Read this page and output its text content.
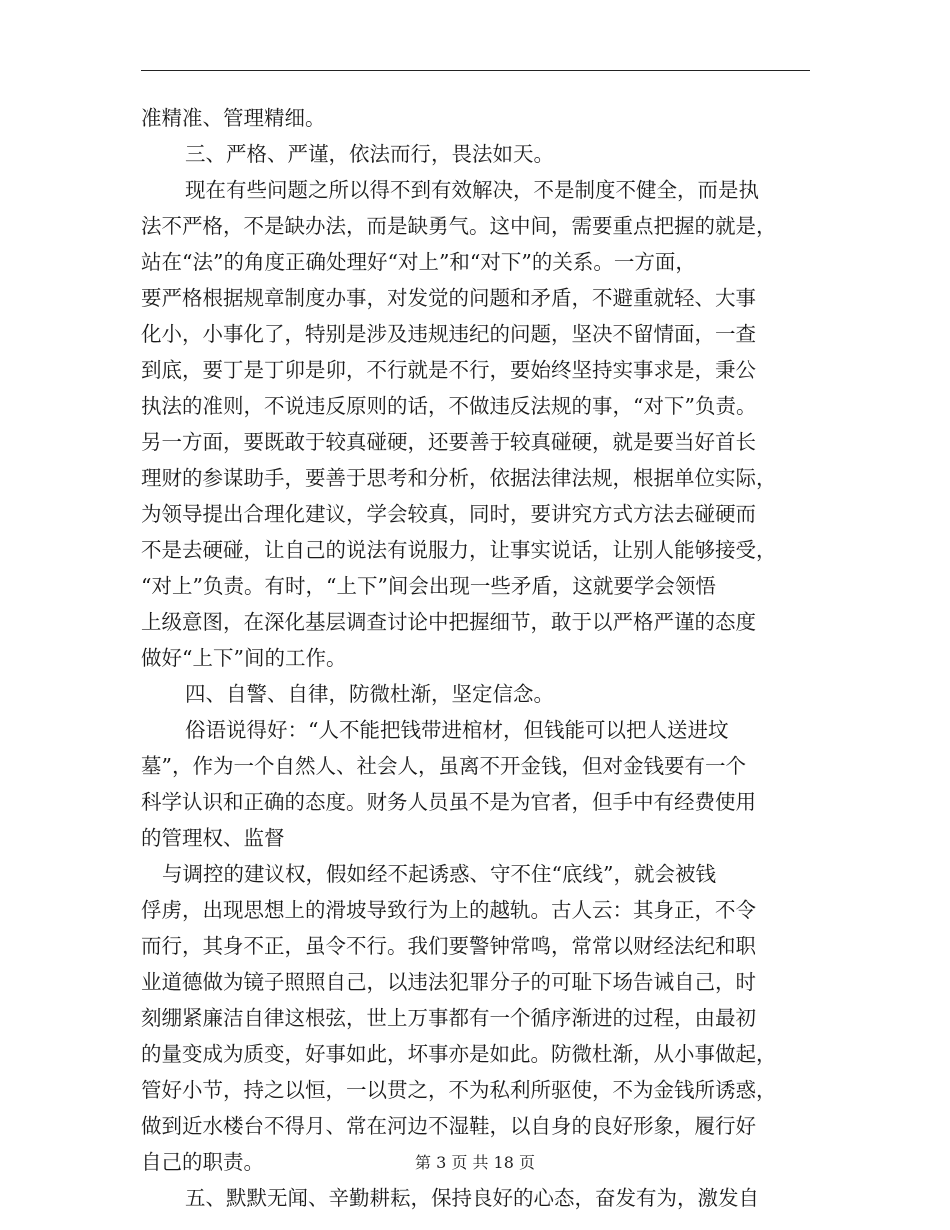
准精准、管理精细。
三、严格、严谨，依法而行，畏法如天。
现在有些问题之所以得不到有效解决，不是制度不健全，而是执
法不严格，不是缺办法，而是缺勇气。这中间，需要重点把握的就是，
站在“法”的角度正确处理好“对上”和“对下”的关系。一方面，
要严格根据规章制度办事，对发觉的问题和矛盾，不避重就轻、大事
化小，小事化了，特别是涉及违规违纪的问题，坚决不留情面，一查
到底，要丁是丁卯是卯，不行就是不行，要始终坚持实事求是，秉公
执法的准则，不说违反原则的话，不做违反法规的事，“对下”负责。
另一方面，要既敢于较真碰硬，还要善于较真碰硬，就是要当好首长
理财的参谋助手，要善于思考和分析，依据法律法规，根据单位实际，
为领导提出合理化建议，学会较真，同时，要讲究方式方法去碰硬而
不是去硬碰，让自己的说法有说服力，让事实说话，让别人能够接受，
“对上”负责。有时，“上下”间会出现一些矛盾，这就要学会领悟
上级意图，在深化基层调查讨论中把握细节，敢于以严格严谨的态度
做好“上下”间的工作。
四、自警、自律，防微杜渐，坚定信念。
俗语说得好：“人不能把钱带进棺材，但钱能可以把人送进坟
墓”，作为一个自然人、社会人，虽离不开金钱，但对金钱要有一个
科学认识和正确的态度。财务人员虽不是为官者，但手中有经费使用
的管理权、监督
与调控的建议权，假如经不起诱惑、守不住“底线”，就会被钱
俘虏，出现思想上的滑坡导致行为上的越轨。古人云：其身正，不令
而行，其身不正，虽令不行。我们要警钟常鸣，常常以财经法纪和职
业道德做为镜子照照自己，以违法犯罪分子的可耻下场告诫自己，时
刻绷紧廉洁自律这根弦，世上万事都有一个循序渐进的过程，由最初
的量变成为质变，好事如此，坏事亦是如此。防微杜渐，从小事做起，
管好小节，持之以恒，一以贯之，不为私利所驱使，不为金钱所诱惑，
做到近水楼台不得月、常在河边不湿鞋，以自身的良好形象，履行好
自己的职责。
五、默默无闻、辛勤耕耘，保持良好的心态，奋发有为，激发自
第 3 页 共 18 页
